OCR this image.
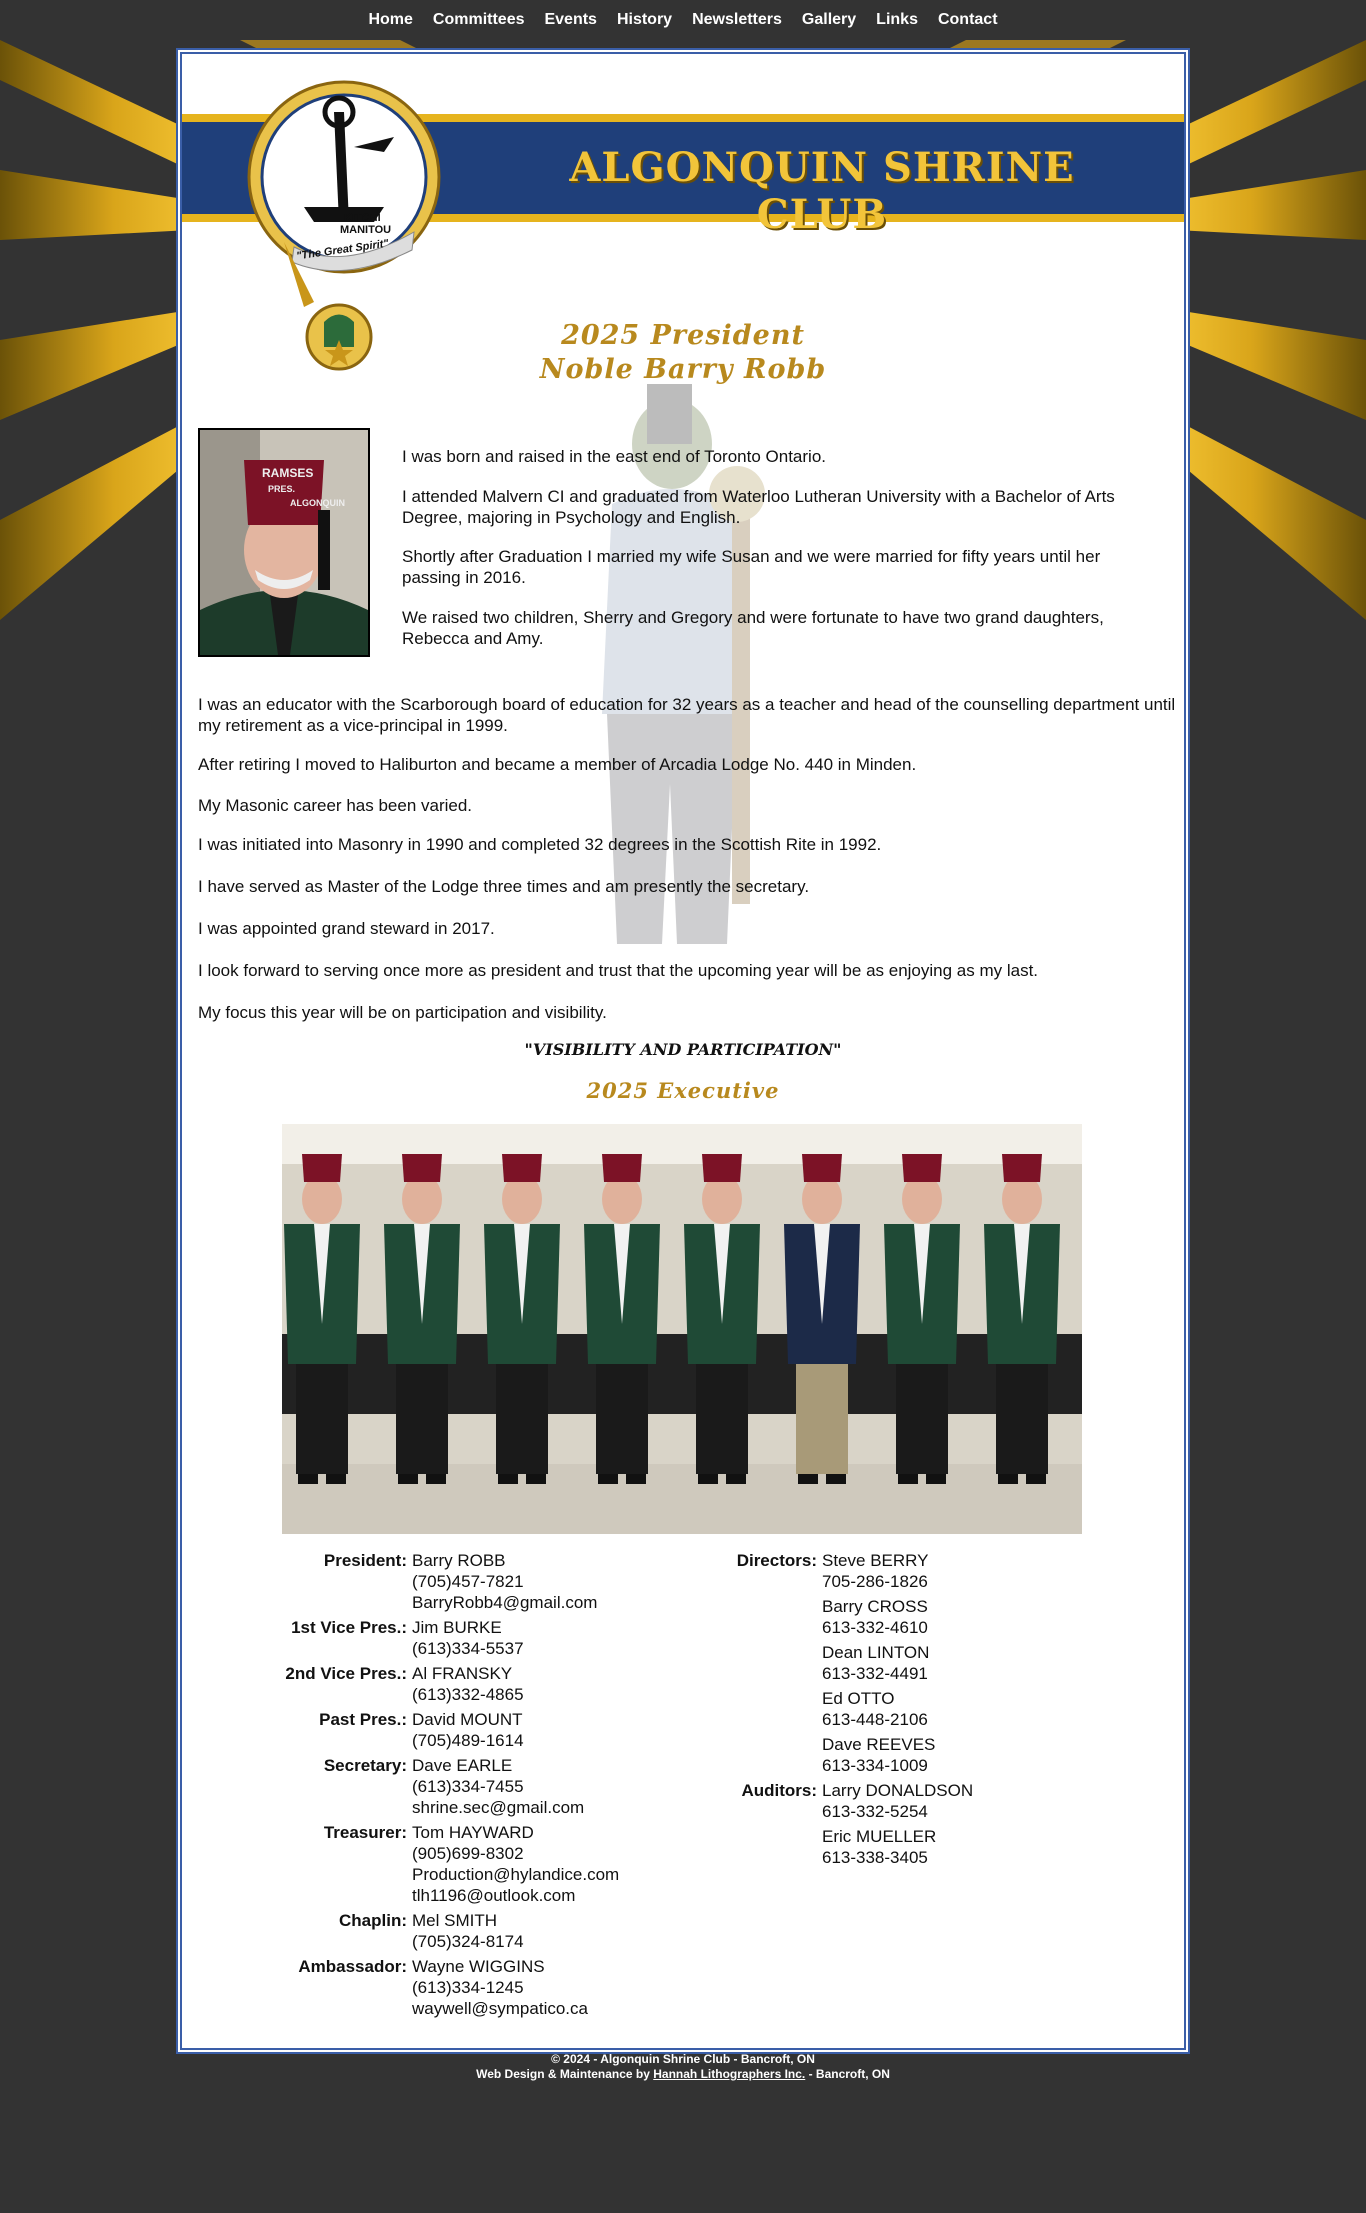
Home Committees Events History Newsletters Gallery Links Contact
ALGONQUIN SHRINE CLUB
KITCHI
MANITOU
"The Great Spirit"
2025 President
Noble Barry Robb
RAMSES
PRES.
ALGONQUIN

I was born and raised in the east end of Toronto Ontario.

I attended Malvern CI and graduated from Waterloo Lutheran University with a Bachelor of Arts Degree, majoring in Psychology and English.

Shortly after Graduation I married my wife Susan and we were married for fifty years until her passing in 2016.

We raised two children, Sherry and Gregory and were fortunate to have two grand daughters, Rebecca and Amy.

I was an educator with the Scarborough board of education for 32 years as a teacher and head of the counselling department until my retirement as a vice-principal in 1999.

After retiring I moved to Haliburton and became a member of Arcadia Lodge No. 440 in Minden.

My Masonic career has been varied.

I was initiated into Masonry in 1990 and completed 32 degrees in the Scottish Rite in 1992.

I have served as Master of the Lodge three times and am presently the secretary.

I was appointed grand steward in 2017.

I look forward to serving once more as president and trust that the upcoming year will be as enjoying as my last.

My focus this year will be on participation and visibility.

"VISIBILITY AND PARTICIPATION"
2025 Executive
President: Barry ROBB
(705)457-7821
BarryRobb4@gmail.com
1st Vice Pres.: Jim BURKE
(613)334-5537
2nd Vice Pres.: Al FRANSKY
(613)332-4865
Past Pres.: David MOUNT
(705)489-1614
Secretary: Dave EARLE
(613)334-7455
shrine.sec@gmail.com
Treasurer: Tom HAYWARD
(905)699-8302
Production@hylandice.com
tlh1196@outlook.com
Chaplin: Mel SMITH
(705)324-8174
Ambassador: Wayne WIGGINS
(613)334-1245
waywell@sympatico.ca
Directors: Steve BERRY
705-286-1826
Barry CROSS
613-332-4610
Dean LINTON
613-332-4491
Ed OTTO
613-448-2106
Dave REEVES
613-334-1009
Auditors: Larry DONALDSON
613-332-5254
Eric MUELLER
613-338-3405
© 2024 - Algonquin Shrine Club - Bancroft, ON
Web Design & Maintenance by Hannah Lithographers Inc. - Bancroft, ON
